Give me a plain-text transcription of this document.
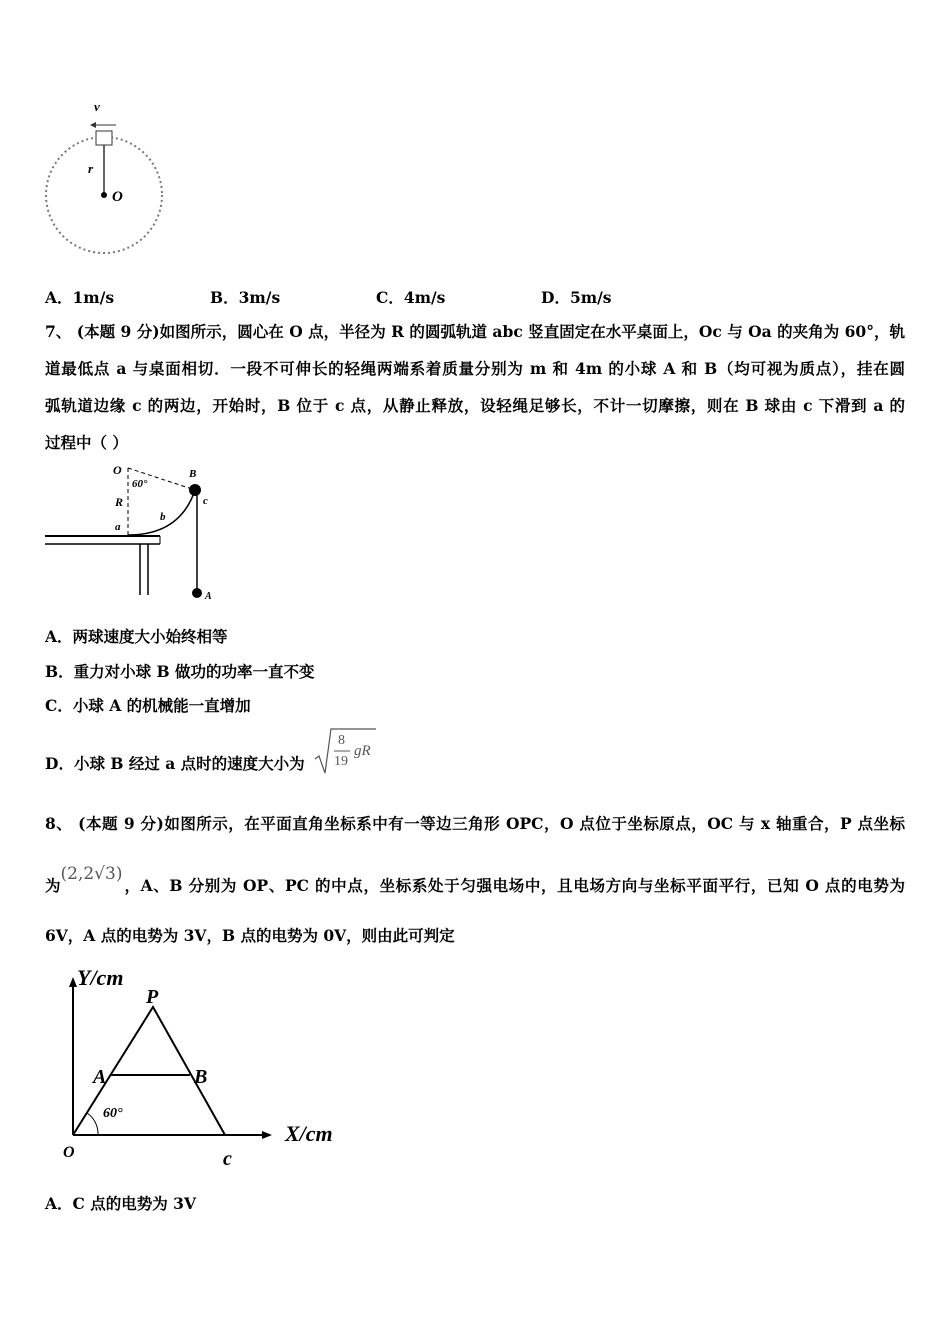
v
r
O
A．1m/s	B．3m/s	C．4m/s	D．5m/s
7、 (本题 9 分)如图所示，圆心在 O 点，半径为 R 的圆弧轨道 abc 竖直固定在水平桌面上，Oc 与 Oa 的夹角为 60°，轨
道最低点 a 与桌面相切．一段不可伸长的轻绳两端系着质量分别为 m 和 4m 的小球 A 和 B（均可视为质点），挂在圆
弧轨道边缘 c 的两边，开始时，B 位于 c 点，从静止释放，设轻绳足够长，不计一切摩擦，则在 B 球由 c 下滑到 a 的
过程中（ ）
O	B
60°
R	c
a
b
A
A．两球速度大小始终相等
B．重力对小球 B 做功的功率一直不变
C．小球 A 的机械能一直增加
D．小球 B 经过 a 点时的速度大小为
8
19
gR
8、 (本题 9 分)如图所示，在平面直角坐标系中有一等边三角形 OPC，O 点位于坐标原点，OC 与 x 轴重合，P 点坐标
为
(2,2√3)
，A、B 分别为 OP、PC 的中点，坐标系处于匀强电场中，且电场方向与坐标平面平行，已知 O 点的电势为
6V，A 点的电势为 3V，B 点的电势为 0V，则由此可判定
Y/cm
X/cm
P
A	B
60°
O	c
A．C 点的电势为 3V
